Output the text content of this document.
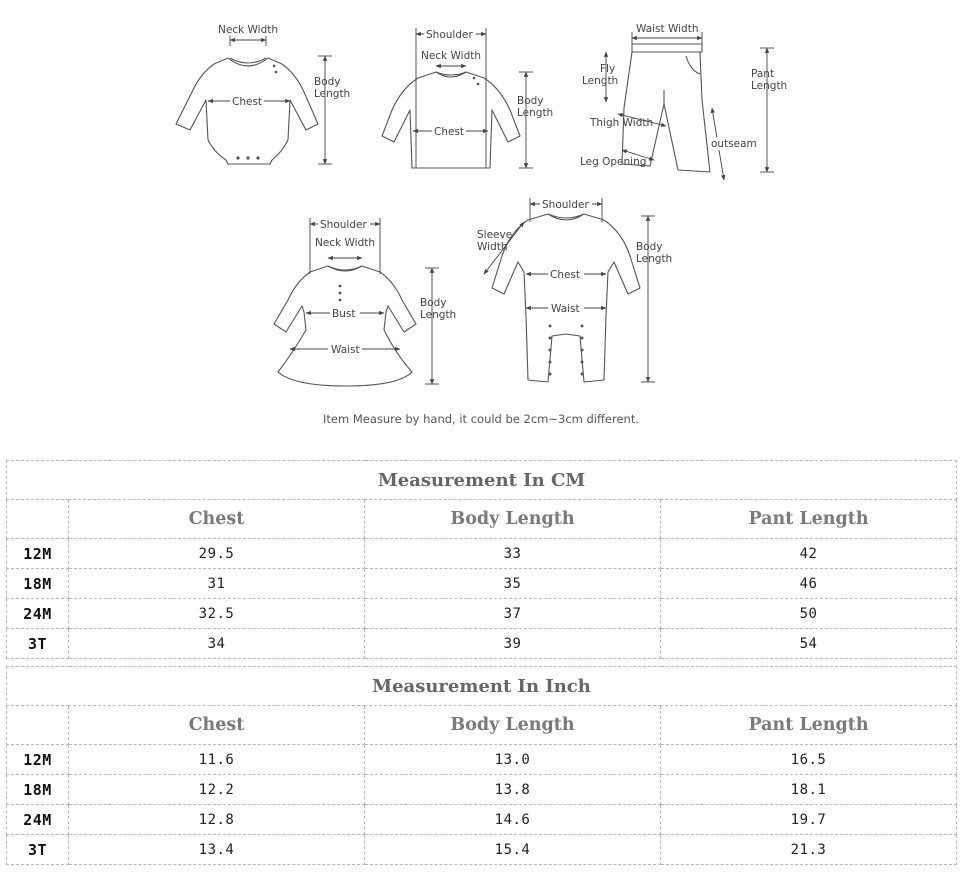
Neck Width
Chest
Body
Length
Shoulder
Neck Width
Chest
Body
Length
Waist Width
Fly
Length
Pant
Length
Thigh Width
Leg Opening
outseam
Shoulder
Neck Width
Bust
Waist
Body
Length
Shoulder
Sleeve
Width
Chest
Waist
Body
Length
Item Measure by hand, it could be 2cm~3cm different.
Measurement In CM			
	Chest	Body Length	Pant Length
12M	29.5	33	42
18M	31	35	46
24M	32.5	37	50
3T	34	39	54
Measurement In Inch			
	Chest	Body Length	Pant Length
12M	11.6	13.0	16.5
18M	12.2	13.8	18.1
24M	12.8	14.6	19.7
3T	13.4	15.4	21.3
